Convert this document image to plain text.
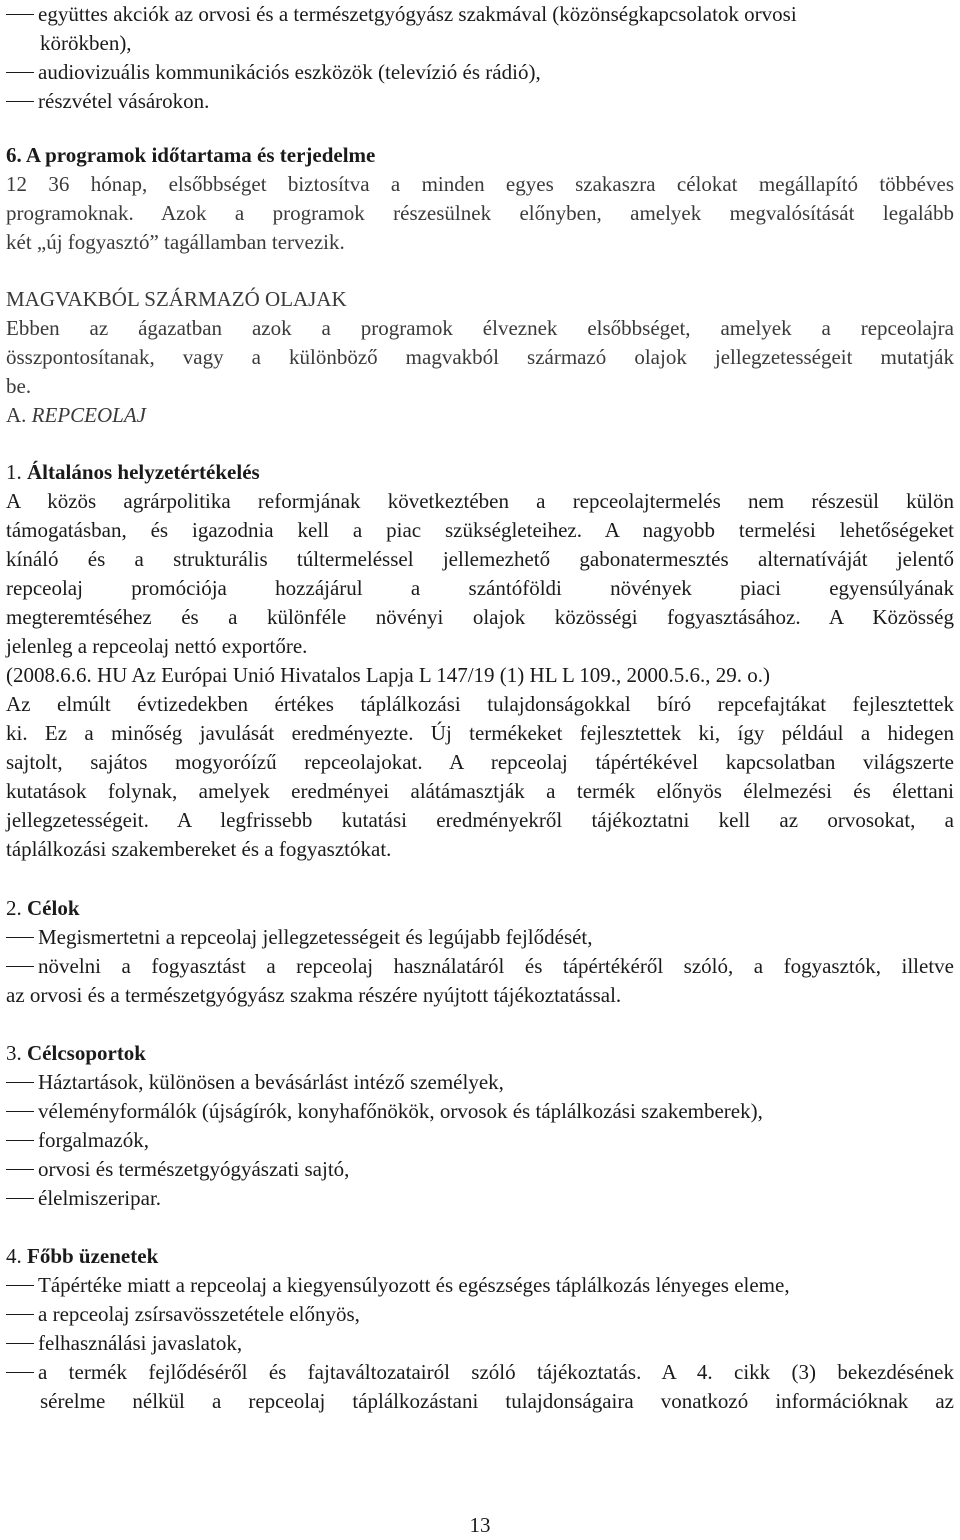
együttes akciók az orvosi és a természetgyógyász szakmával (közönségkapcsolatok orvosi
körökben),
audiovizuális kommunikációs eszközök (televízió és rádió),
részvétel vásárokon.
6. A programok időtartama és terjedelme
12 36 hónap, elsőbbséget biztosítva a minden egyes szakaszra célokat megállapító többéves
programoknak. Azok a programok részesülnek előnyben, amelyek megvalósítását legalább
két „új fogyasztó” tagállamban tervezik.
MAGVAKBÓL SZÁRMAZÓ OLAJAK
Ebben az ágazatban azok a programok élveznek elsőbbséget, amelyek a repceolajra
összpontosítanak, vagy a különböző magvakból származó olajok jellegzetességeit mutatják
be.
A. REPCEOLAJ
1. Általános helyzetértékelés
A közös agrárpolitika reformjának következtében a repceolajtermelés nem részesül külön
támogatásban, és igazodnia kell a piac szükségleteihez. A nagyobb termelési lehetőségeket
kínáló és a strukturális túltermeléssel jellemezhető gabonatermesztés alternatíváját jelentő
repceolaj promóciója hozzájárul a szántóföldi növények piaci egyensúlyának
megteremtéséhez és a különféle növényi olajok közösségi fogyasztásához. A Közösség
jelenleg a repceolaj nettó exportőre.
(2008.6.6. HU Az Európai Unió Hivatalos Lapja L 147/19 (1) HL L 109., 2000.5.6., 29. o.)
Az elmúlt évtizedekben értékes táplálkozási tulajdonságokkal bíró repcefajtákat fejlesztettek
ki. Ez a minőség javulását eredményezte. Új termékeket fejlesztettek ki, így például a hidegen
sajtolt, sajátos mogyoróízű repceolajokat. A repceolaj tápértékével kapcsolatban világszerte
kutatások folynak, amelyek eredményei alátámasztják a termék előnyös élelmezési és élettani
jellegzetességeit. A legfrissebb kutatási eredményekről tájékoztatni kell az orvosokat, a
táplálkozási szakembereket és a fogyasztókat.
2. Célok
Megismertetni a repceolaj jellegzetességeit és legújabb fejlődését,
növelni a fogyasztást a repceolaj használatáról és tápértékéről szóló, a fogyasztók, illetve
az orvosi és a természetgyógyász szakma részére nyújtott tájékoztatással.
3. Célcsoportok
Háztartások, különösen a bevásárlást intéző személyek,
véleményformálók (újságírók, konyhafőnökök, orvosok és táplálkozási szakemberek),
forgalmazók,
orvosi és természetgyógyászati sajtó,
élelmiszeripar.
4. Főbb üzenetek
Tápértéke miatt a repceolaj a kiegyensúlyozott és egészséges táplálkozás lényeges eleme,
a repceolaj zsírsavösszetétele előnyös,
felhasználási javaslatok,
a termék fejlődéséről és fajtaváltozatairól szóló tájékoztatás. A 4. cikk (3) bekezdésének
sérelme nélkül a repceolaj táplálkozástani tulajdonságaira vonatkozó információknak az
13
